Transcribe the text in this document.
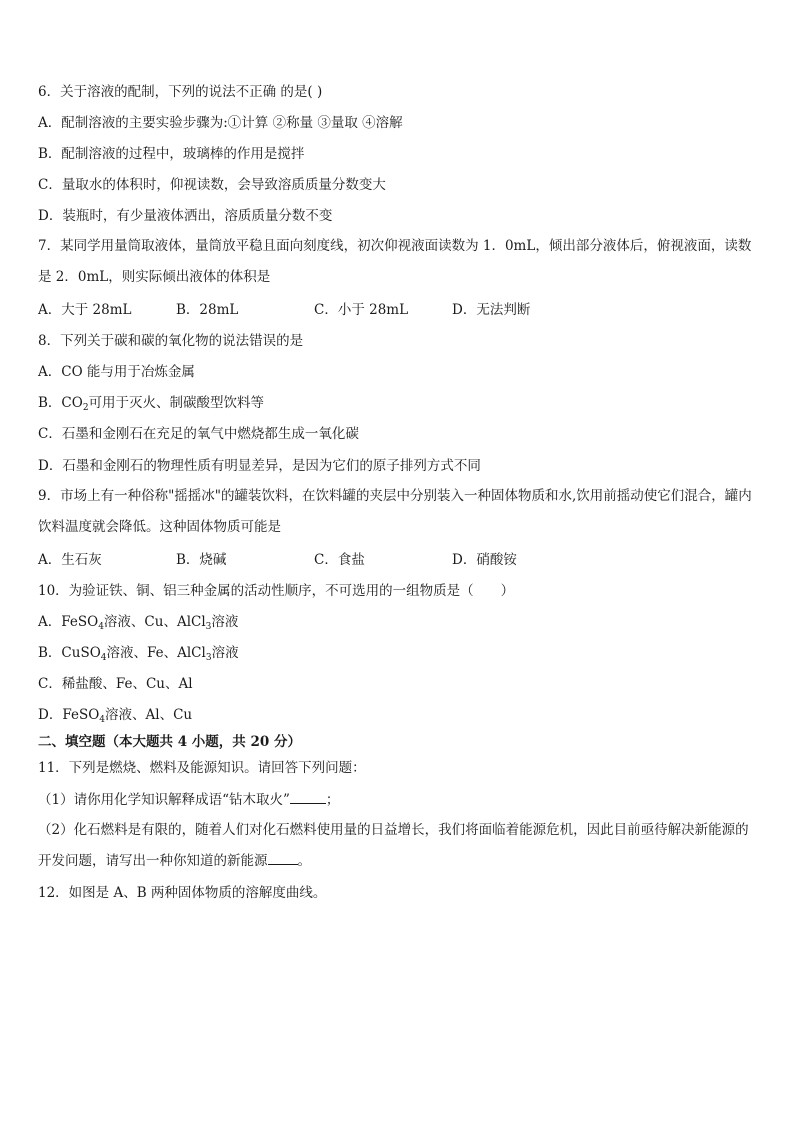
6．关于溶液的配制，下列的说法不正确 的是( )
A．配制溶液的主要实验步骤为:①计算 ②称量 ③量取 ④溶解
B．配制溶液的过程中，玻璃棒的作用是搅拌
C．量取水的体积时，仰视读数，会导致溶质质量分数变大
D．装瓶时，有少量液体洒出，溶质质量分数不变
7．某同学用量筒取液体，量筒放平稳且面向刻度线，初次仰视液面读数为 1．0mL，倾出部分液体后，俯视液面，读数是 2．0mL，则实际倾出液体的体积是
A．大于 28mL	B．28mL	C．小于 28mL	D．无法判断
8．下列关于碳和碳的氧化物的说法错误的是
A．CO 能与用于冶炼金属
B．$CO_2$可用于灭火、制碳酸型饮料等
C．石墨和金刚石在充足的氧气中燃烧都生成一氧化碳
D．石墨和金刚石的物理性质有明显差异，是因为它们的原子排列方式不同
9．市场上有一种俗称"摇摇冰"的罐装饮料，在饮料罐的夹层中分别装入一种固体物质和水,饮用前摇动使它们混合，罐内饮料温度就会降低。这种固体物质可能是
A．生石灰	B．烧碱	C．食盐	D．硝酸铵
10．为验证铁、铜、铝三种金属的活动性顺序，不可选用的一组物质是（　　）
A．FeSO$_4$溶液、Cu、AlCl$_3$溶液
B．CuSO$_4$溶液、Fe、AlCl$_3$溶液
C．稀盐酸、Fe、Cu、Al
D．FeSO$_4$溶液、Al、Cu
二、填空题（本大题共 4 小题，共 20 分）
11．下列是燃烧、燃料及能源知识。请回答下列问题：
（1）请你用化学知识解释成语“钻木取火”	；
（2）化石燃料是有限的，随着人们对化石燃料使用量的日益增长，我们将面临着能源危机，因此目前亟待解决新能源的开发问题，请写出一种你知道的新能源 。
12．如图是 A、B 两种固体物质的溶解度曲线。
